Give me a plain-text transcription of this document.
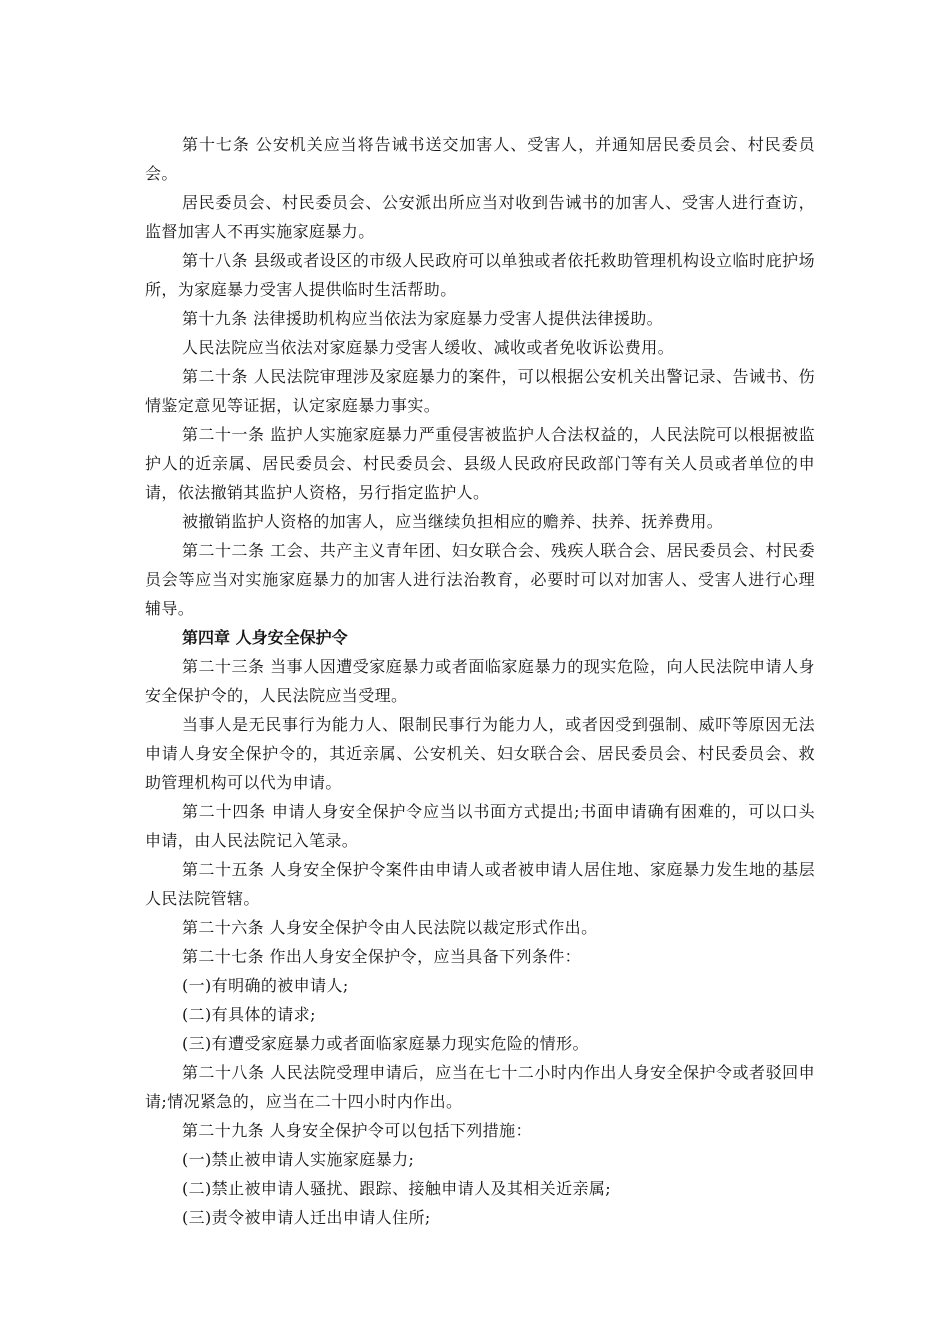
第十七条 公安机关应当将告诫书送交加害人、受害人，并通知居民委员会、村民委员会。

居民委员会、村民委员会、公安派出所应当对收到告诫书的加害人、受害人进行查访，监督加害人不再实施家庭暴力。

第十八条 县级或者设区的市级人民政府可以单独或者依托救助管理机构设立临时庇护场所，为家庭暴力受害人提供临时生活帮助。

第十九条 法律援助机构应当依法为家庭暴力受害人提供法律援助。

人民法院应当依法对家庭暴力受害人缓收、减收或者免收诉讼费用。

第二十条 人民法院审理涉及家庭暴力的案件，可以根据公安机关出警记录、告诫书、伤情鉴定意见等证据，认定家庭暴力事实。

第二十一条 监护人实施家庭暴力严重侵害被监护人合法权益的，人民法院可以根据被监护人的近亲属、居民委员会、村民委员会、县级人民政府民政部门等有关人员或者单位的申请，依法撤销其监护人资格，另行指定监护人。

被撤销监护人资格的加害人，应当继续负担相应的赡养、扶养、抚养费用。

第二十二条 工会、共产主义青年团、妇女联合会、残疾人联合会、居民委员会、村民委员会等应当对实施家庭暴力的加害人进行法治教育，必要时可以对加害人、受害人进行心理辅导。

第四章 人身安全保护令

第二十三条 当事人因遭受家庭暴力或者面临家庭暴力的现实危险，向人民法院申请人身安全保护令的，人民法院应当受理。

当事人是无民事行为能力人、限制民事行为能力人，或者因受到强制、威吓等原因无法申请人身安全保护令的，其近亲属、公安机关、妇女联合会、居民委员会、村民委员会、救助管理机构可以代为申请。

第二十四条 申请人身安全保护令应当以书面方式提出;书面申请确有困难的，可以口头申请，由人民法院记入笔录。

第二十五条 人身安全保护令案件由申请人或者被申请人居住地、家庭暴力发生地的基层人民法院管辖。

第二十六条 人身安全保护令由人民法院以裁定形式作出。

第二十七条 作出人身安全保护令，应当具备下列条件：

(一)有明确的被申请人;

(二)有具体的请求;

(三)有遭受家庭暴力或者面临家庭暴力现实危险的情形。

第二十八条 人民法院受理申请后，应当在七十二小时内作出人身安全保护令或者驳回申请;情况紧急的，应当在二十四小时内作出。

第二十九条 人身安全保护令可以包括下列措施：

(一)禁止被申请人实施家庭暴力;

(二)禁止被申请人骚扰、跟踪、接触申请人及其相关近亲属;

(三)责令被申请人迁出申请人住所;
